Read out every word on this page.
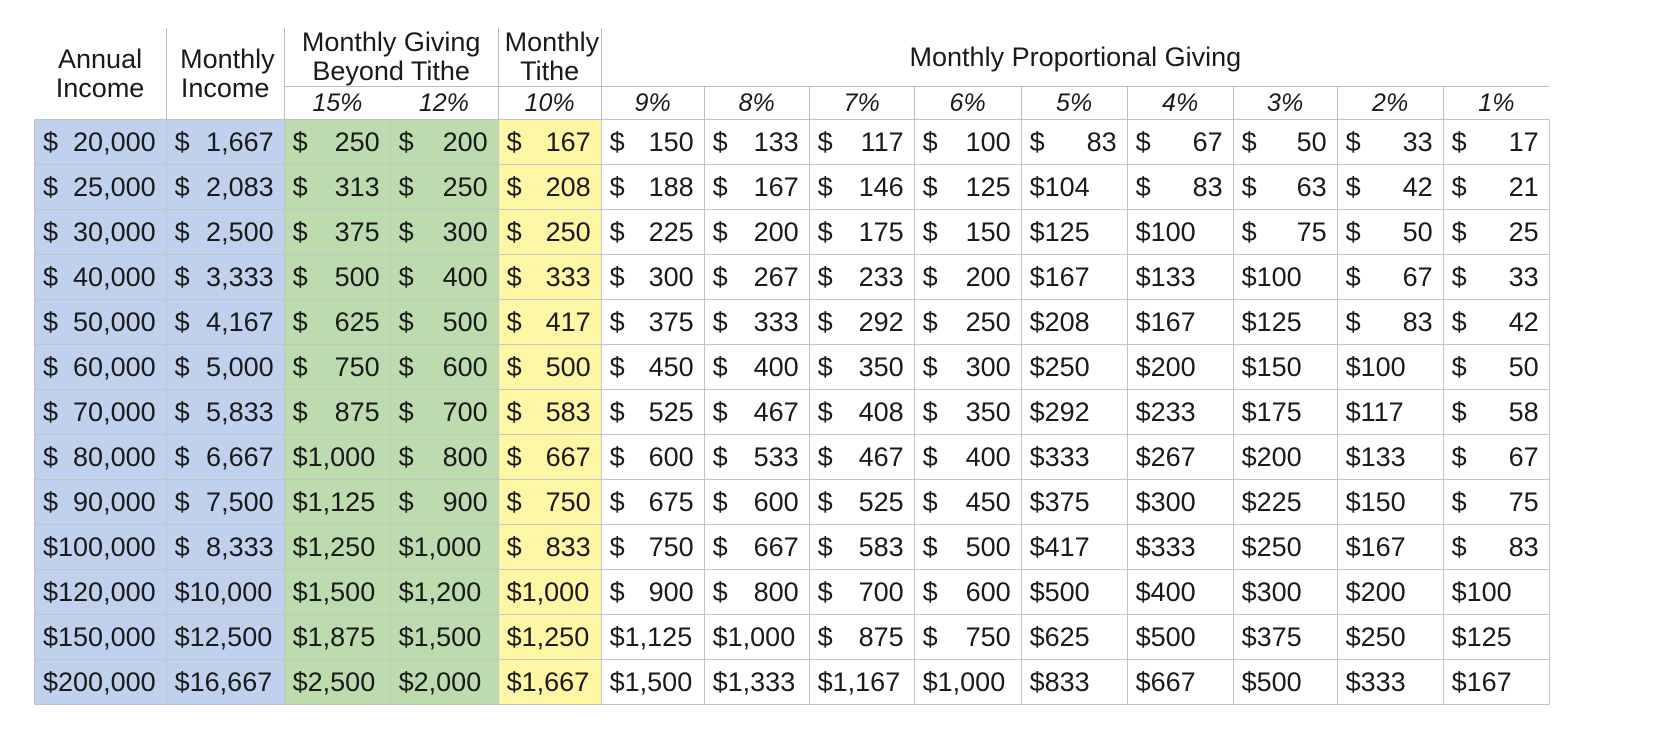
Annual Income	Monthly Income	Monthly Giving Beyond Tithe		Monthly Tithe	Monthly Proportional Giving								
		15%	12%	10%	9%	8%	7%	6%	5%	4%	3%	2%	1%

$ 20,000	$ 1,667	$ 250	$ 200	$ 167	$ 150	$ 133	$ 117	$ 100	$ 83	$ 67	$ 50	$ 33	$ 17

$ 25,000	$ 2,083	$ 313	$ 250	$ 208	$ 188	$ 167	$ 146	$ 125	$104	$ 83	$ 63	$ 42	$ 21

$ 30,000	$ 2,500	$ 375	$ 300	$ 250	$ 225	$ 200	$ 175	$ 150	$125	$100	$ 75	$ 50	$ 25

$ 40,000	$ 3,333	$ 500	$ 400	$ 333	$ 300	$ 267	$ 233	$ 200	$167	$133	$100	$ 67	$ 33

$ 50,000	$ 4,167	$ 625	$ 500	$ 417	$ 375	$ 333	$ 292	$ 250	$208	$167	$125	$ 83	$ 42

$ 60,000	$ 5,000	$ 750	$ 600	$ 500	$ 450	$ 400	$ 350	$ 300	$250	$200	$150	$100	$ 50

$ 70,000	$ 5,833	$ 875	$ 700	$ 583	$ 525	$ 467	$ 408	$ 350	$292	$233	$175	$117	$ 58

$ 80,000	$ 6,667	$1,000	$ 800	$ 667	$ 600	$ 533	$ 467	$ 400	$333	$267	$200	$133	$ 67

$ 90,000	$ 7,500	$1,125	$ 900	$ 750	$ 675	$ 600	$ 525	$ 450	$375	$300	$225	$150	$ 75

$100,000	$ 8,333	$1,250	$1,000	$ 833	$ 750	$ 667	$ 583	$ 500	$417	$333	$250	$167	$ 83

$120,000	$10,000	$1,500	$1,200	$1,000	$ 900	$ 800	$ 700	$ 600	$500	$400	$300	$200	$100

$150,000	$12,500	$1,875	$1,500	$1,250	$1,125	$1,000	$ 875	$ 750	$625	$500	$375	$250	$125

$200,000	$16,667	$2,500	$2,000	$1,667	$1,500	$1,333	$1,167	$1,000	$833	$667	$500	$333	$167
